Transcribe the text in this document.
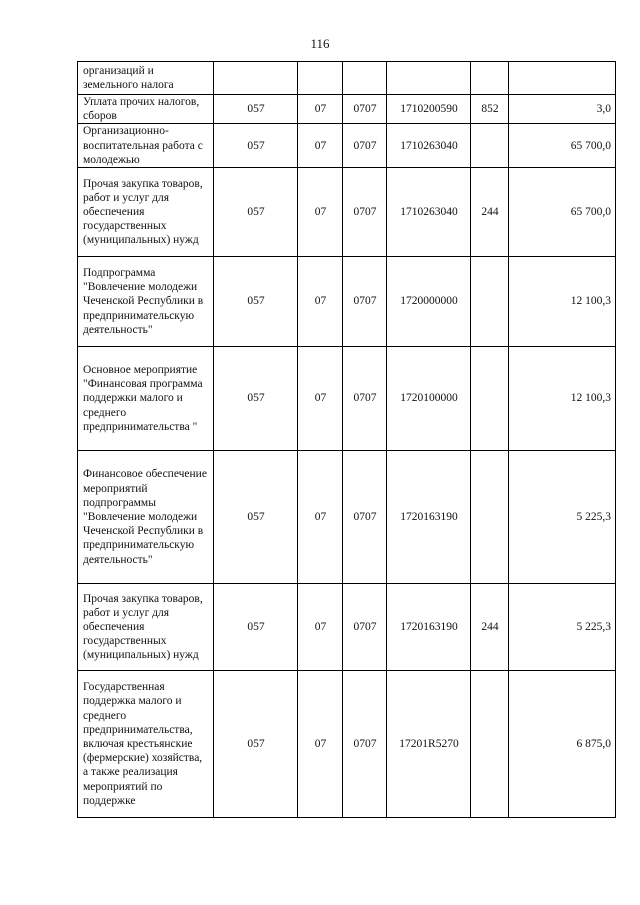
116
организаций и земельного налога						
Уплата прочих налогов, сборов	057	07	0707	1710200590	852	3,0
Организационно-воспитательная работа с молодежью	057	07	0707	1710263040		65 700,0
Прочая закупка товаров, работ и услуг для обеспечения государственных (муниципальных) нужд	057	07	0707	1710263040	244	65 700,0
Подпрограмма "Вовлечение молодежи Чеченской Республики в предпринимательскую деятельность"	057	07	0707	1720000000		12 100,3
Основное мероприятие "Финансовая программа поддержки малого и среднего предпринимательства "	057	07	0707	1720100000		12 100,3
Финансовое обеспечение мероприятий подпрограммы "Вовлечение молодежи Чеченской Республики в предпринимательскую деятельность"	057	07	0707	1720163190		5 225,3
Прочая закупка товаров, работ и услуг для обеспечения государственных (муниципальных) нужд	057	07	0707	1720163190	244	5 225,3
Государственная поддержка малого и среднего предпринимательства, включая крестьянские (фермерские) хозяйства, а также реализация мероприятий по поддержке	057	07	0707	17201R5270		6 875,0
